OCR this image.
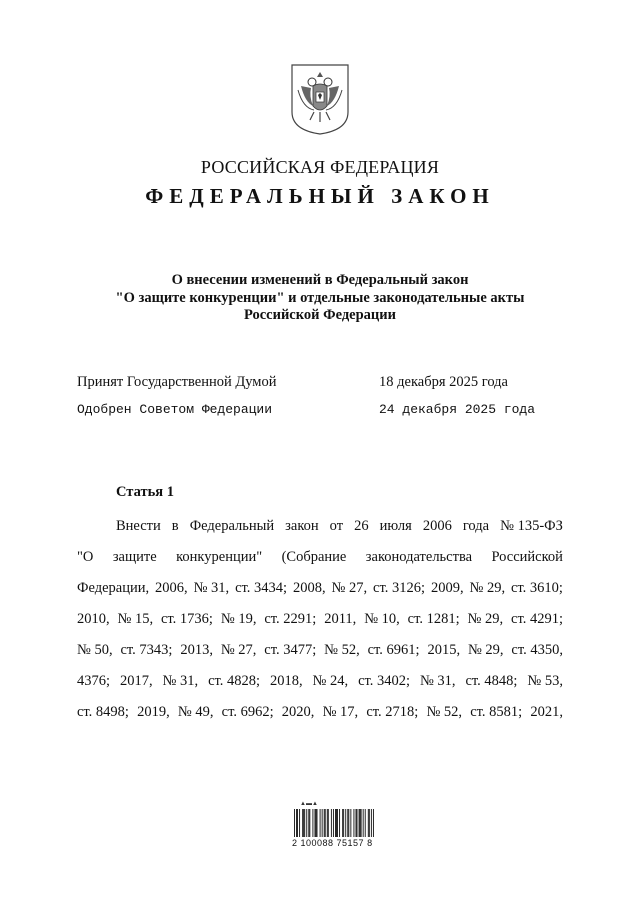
РОССИЙСКАЯ ФЕДЕРАЦИЯ
ФЕДЕРАЛЬНЫЙ ЗАКОН
О внесении изменений в Федеральный закон
"О защите конкуренции" и отдельные законодательные акты
Российской Федерации
Принят Государственной Думой	18 декабря 2025 года
Одобрен Советом Федерации	24 декабря 2025 года
Статья 1
Внести в Федеральный закон от 26 июля 2006 года № 135-ФЗ
"О защите конкуренции" (Собрание законодательства Российской
Федерации, 2006, № 31, ст. 3434; 2008, № 27, ст. 3126; 2009, № 29, ст. 3610;
2010, № 15, ст. 1736; № 19, ст. 2291; 2011, № 10, ст. 1281; № 29, ст. 4291;
№ 50, ст. 7343; 2013, № 27, ст. 3477; № 52, ст. 6961; 2015, № 29, ст. 4350,
4376; 2017, № 31, ст. 4828; 2018, № 24, ст. 3402; № 31, ст. 4848; № 53,
ст. 8498; 2019, № 49, ст. 6962; 2020, № 17, ст. 2718; № 52, ст. 8581; 2021,
▲▬▲
2 100088 75157 8
